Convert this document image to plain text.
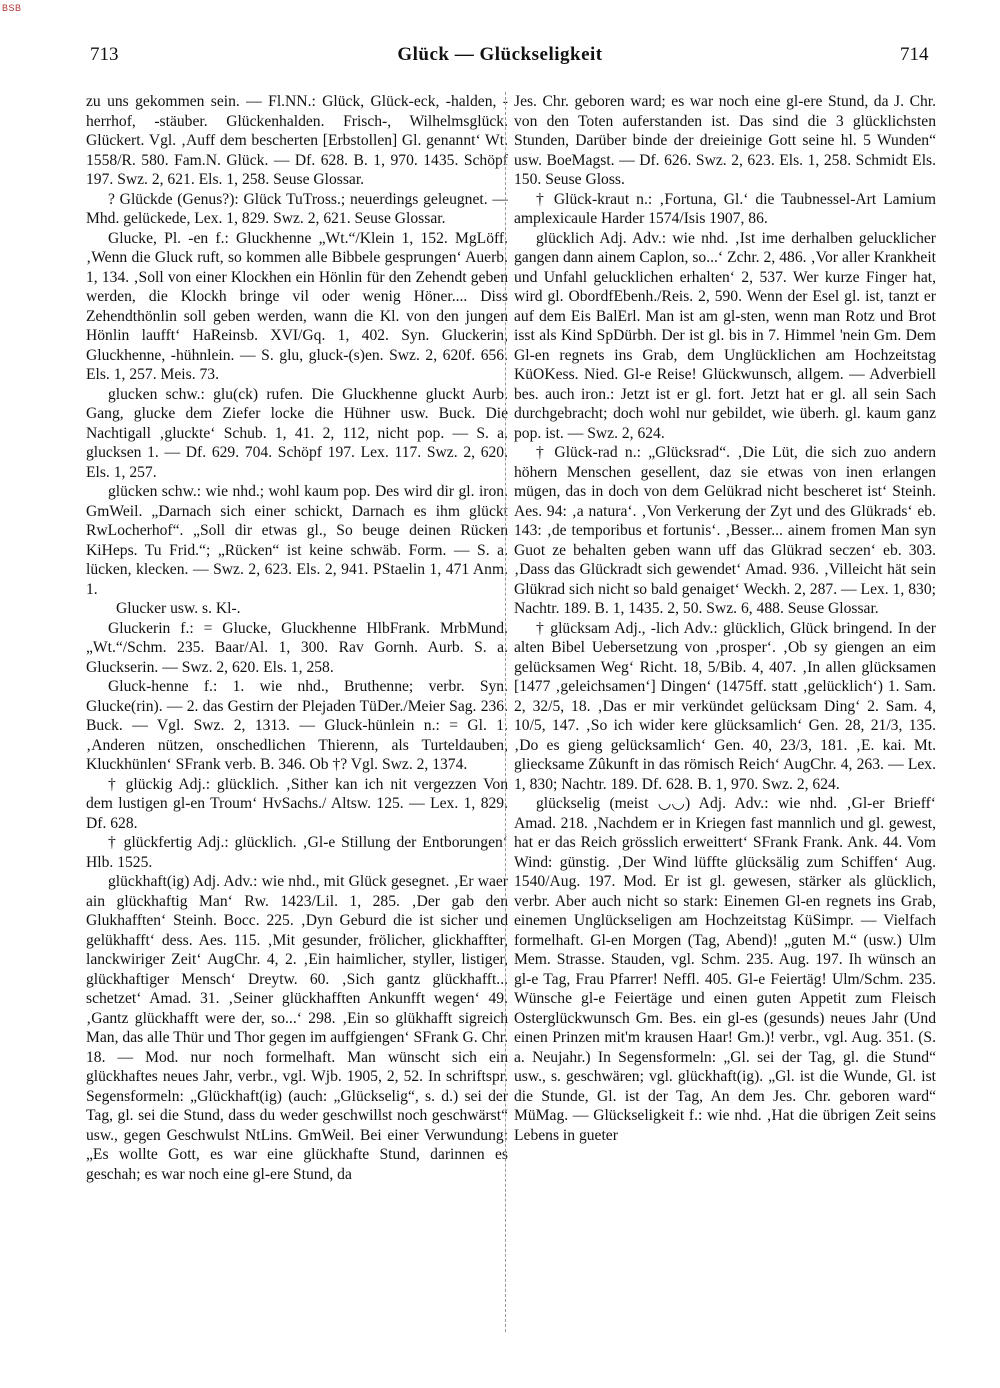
BSB
713	Glück — Glückseligkeit	714

zu uns gekommen sein. — Fl.NN.: Glück, Glück-eck, -halden, -herrhof, -stäuber. Glückenhalden. Frisch-, Wilhelmsglück. Glückert. Vgl. ‚Auff dem bescherten [Erbstollen] Gl. genannt‘ Wt. 1558/R. 580. Fam.N. Glück. — Df. 628. B. 1, 970. 1435. Schöpf 197. Swz. 2, 621. Els. 1, 258. Seuse Glossar.

? Glückde (Genus?): Glück TuTross.; neuerdings geleugnet. — Mhd. gelückede, Lex. 1, 829. Swz. 2, 621. Seuse Glossar.

Glucke, Pl. -en f.: Gluckhenne „Wt.“/Klein 1, 152. MgLöff. ‚Wenn die Gluck ruft, so kommen alle Bibbele gesprungen‘ Auerb. 1, 134. ‚Soll von einer Klockhen ein Hönlin für den Zehendt geben werden, die Klockh bringe vil oder wenig Höner.... Diss Zehendthönlin soll geben werden, wann die Kl. von den jungen Hönlin laufft‘ HaReinsb. XVI/Gq. 1, 402. Syn. Gluckerin, Gluckhenne, -hühnlein. — S. glu, gluck-(s)en. Swz. 2, 620f. 656. Els. 1, 257. Meis. 73.

glucken schw.: glu(ck) rufen. Die Gluckhenne gluckt Aurb. Gang, glucke dem Ziefer locke die Hühner usw. Buck. Die Nachtigall ‚gluckte‘ Schub. 1, 41. 2, 112, nicht pop. — S. a. glucksen 1. — Df. 629. 704. Schöpf 197. Lex. 117. Swz. 2, 620. Els. 1, 257.

glücken schw.: wie nhd.; wohl kaum pop. Des wird dir gl. iron. GmWeil. „Darnach sich einer schickt, Darnach es ihm glückt RwLocherhof“. „Soll dir etwas gl., So beuge deinen Rücken KiHeps. Tu Frid.“; „Rücken“ ist keine schwäb. Form. — S. a. lücken, klecken. — Swz. 2, 623. Els. 2, 941. PStaelin 1, 471 Anm. 1.

Glucker usw. s. Kl-.

Gluckerin f.: = Glucke, Gluckhenne HlbFrank. MrbMund. „Wt.“/Schm. 235. Baar/Al. 1, 300. Rav Gornh. Aurb. S. a. Gluckserin. — Swz. 2, 620. Els. 1, 258.

Gluck-henne f.: 1. wie nhd., Bruthenne; verbr. Syn. Glucke(rin). — 2. das Gestirn der Plejaden TüDer./Meier Sag. 236. Buck. — Vgl. Swz. 2, 1313. — Gluck-hünlein n.: = Gl. 1. ‚Anderen nützen, onschedlichen Thierenn, als Turteldauben, Kluckhünlen‘ SFrank verb. B. 346. Ob †? Vgl. Swz. 2, 1374.

† glückig Adj.: glücklich. ‚Sither kan ich nit vergezzen Von dem lustigen gl-en Troum‘ HvSachs./ Altsw. 125. — Lex. 1, 829. Df. 628.

† glückfertig Adj.: glücklich. ‚Gl-e Stillung der Entborungen‘ Hlb. 1525.

glückhaft(ig) Adj. Adv.: wie nhd., mit Glück gesegnet. ‚Er waer ain glückhaftig Man‘ Rw. 1423/Lil. 1, 285. ‚Der gab den Glukhafften‘ Steinh. Bocc. 225. ‚Dyn Geburd die ist sicher und gelükhafft‘ dess. Aes. 115. ‚Mit gesunder, frölicher, glickhaffter, lanckwiriger Zeit‘ AugChr. 4, 2. ‚Ein haimlicher, styller, listiger, glückhaftiger Mensch‘ Dreytw. 60. ‚Sich gantz glückhafft... schetzet‘ Amad. 31. ‚Seiner glückhafften Ankunfft wegen‘ 49. ‚Gantz glückhafft were der, so...‘ 298. ‚Ein so glükhafft sigreich Man, das alle Thür und Thor gegen im auffgiengen‘ SFrank G. Chr. 18. — Mod. nur noch formelhaft. Man wünscht sich ein glückhaftes neues Jahr, verbr., vgl. Wjb. 1905, 2, 52. In schriftspr. Segensformeln: „Glückhaft(ig) (auch: „Glückselig“, s. d.) sei der Tag, gl. sei die Stund, dass du weder geschwillst noch geschwärst“ usw., gegen Geschwulst NtLins. GmWeil. Bei einer Verwundung: „Es wollte Gott, es war eine glückhafte Stund, darinnen es geschah; es war noch eine gl-ere Stund, da

Jes. Chr. geboren ward; es war noch eine gl-ere Stund, da J. Chr. von den Toten auferstanden ist. Das sind die 3 glücklichsten Stunden, Darüber binde der dreieinige Gott seine hl. 5 Wunden“ usw. BoeMagst. — Df. 626. Swz. 2, 623. Els. 1, 258. Schmidt Els. 150. Seuse Gloss.

† Glück-kraut n.: ‚Fortuna, Gl.‘ die Taubnessel-Art Lamium amplexicaule Harder 1574/Isis 1907, 86.

glücklich Adj. Adv.: wie nhd. ‚Ist ime derhalben gelucklicher gangen dann ainem Caplon, so...‘ Zchr. 2, 486. ‚Vor aller Krankheit und Unfahl gelucklichen erhalten‘ 2, 537. Wer kurze Finger hat, wird gl. ObordfEbenh./Reis. 2, 590. Wenn der Esel gl. ist, tanzt er auf dem Eis BalErl. Man ist am gl-sten, wenn man Rotz und Brot isst als Kind SpDürbh. Der ist gl. bis in 7. Himmel 'nein Gm. Dem Gl-en regnets ins Grab, dem Unglücklichen am Hochzeitstag KüOKess. Nied. Gl-e Reise! Glückwunsch, allgem. — Adverbiell bes. auch iron.: Jetzt ist er gl. fort. Jetzt hat er gl. all sein Sach durchgebracht; doch wohl nur gebildet, wie überh. gl. kaum ganz pop. ist. — Swz. 2, 624.

† Glück-rad n.: „Glücksrad“. ‚Die Lüt, die sich zuo andern höhern Menschen gesellent, daz sie etwas von inen erlangen mügen, das in doch von dem Gelükrad nicht bescheret ist‘ Steinh. Aes. 94: ‚a natura‘. ‚Von Verkerung der Zyt und des Glükrads‘ eb. 143: ‚de temporibus et fortunis‘. ‚Besser... ainem fromen Man syn Guot ze behalten geben wann uff das Glükrad seczen‘ eb. 303. ‚Dass das Glückradt sich gewendet‘ Amad. 936. ‚Villeicht hät sein Glükrad sich nicht so bald genaiget‘ Weckh. 2, 287. — Lex. 1, 830; Nachtr. 189. B. 1, 1435. 2, 50. Swz. 6, 488. Seuse Glossar.

† glücksam Adj., -lich Adv.: glücklich, Glück bringend. In der alten Bibel Uebersetzung von ‚prosper‘. ‚Ob sy giengen an eim gelücksamen Weg‘ Richt. 18, 5/Bib. 4, 407. ‚In allen glücksamen [1477 ‚geleichsamen‘] Dingen‘ (1475ff. statt ‚gelücklich‘) 1. Sam. 2, 32/5, 18. ‚Das er mir verkündet gelücksam Ding‘ 2. Sam. 4, 10/5, 147. ‚So ich wider kere glücksamlich‘ Gen. 28, 21/3, 135. ‚Do es gieng gelücksamlich‘ Gen. 40, 23/3, 181. ‚E. kai. Mt. gliecksame Zûkunft in das römisch Reich‘ AugChr. 4, 263. — Lex. 1, 830; Nachtr. 189. Df. 628. B. 1, 970. Swz. 2, 624.

glückselig (meist ◡◡) Adj. Adv.: wie nhd. ‚Gl-er Brieff‘ Amad. 218. ‚Nachdem er in Kriegen fast mannlich und gl. gewest, hat er das Reich grösslich erweittert‘ SFrank Frank. Ank. 44. Vom Wind: günstig. ‚Der Wind lüffte glücksälig zum Schiffen‘ Aug. 1540/Aug. 197. Mod. Er ist gl. gewesen, stärker als glücklich, verbr. Aber auch nicht so stark: Einemen Gl-en regnets ins Grab, einemen Unglückseligen am Hochzeitstag KüSimpr. — Vielfach formelhaft. Gl-en Morgen (Tag, Abend)! „guten M.“ (usw.) Ulm Mem. Strasse. Stauden, vgl. Schm. 235. Aug. 197. Ih wünsch an gl-e Tag, Frau Pfarrer! Neffl. 405. Gl-e Feiertäg! Ulm/Schm. 235. Wünsche gl-e Feiertäge und einen guten Appetit zum Fleisch Osterglückwunsch Gm. Bes. ein gl-es (gesunds) neues Jahr (Und einen Prinzen mit'm krausen Haar! Gm.)! verbr., vgl. Aug. 351. (S. a. Neujahr.) In Segensformeln: „Gl. sei der Tag, gl. die Stund“ usw., s. geschwären; vgl. glückhaft(ig). „Gl. ist die Wunde, Gl. ist die Stunde, Gl. ist der Tag, An dem Jes. Chr. geboren ward“ MüMag. — Glückseligkeit f.: wie nhd. ‚Hat die übrigen Zeit seins Lebens in gueter
